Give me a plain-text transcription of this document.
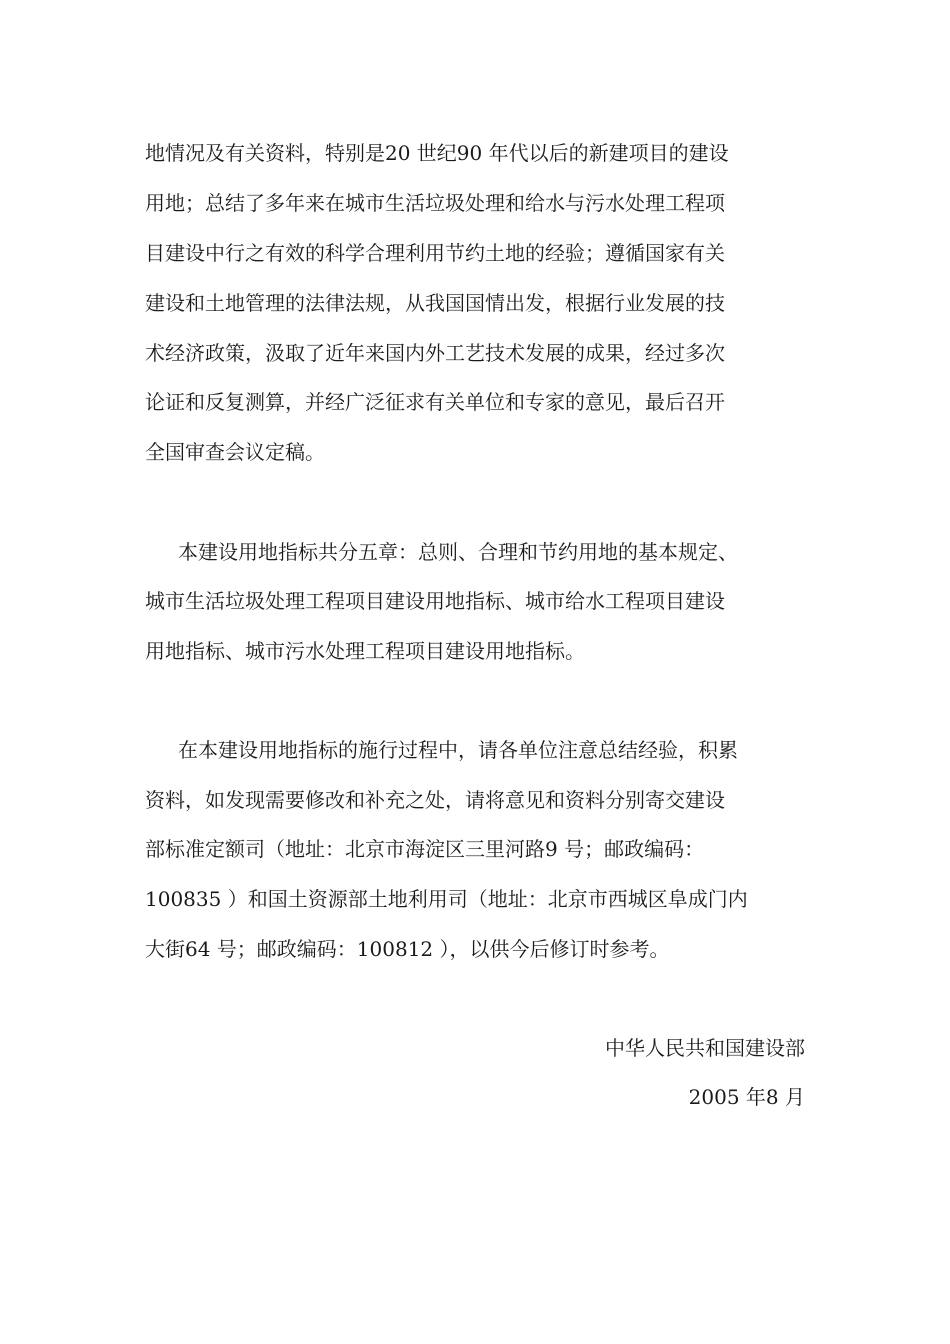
地情况及有关资料，特别是20 世纪90 年代以后的新建项目的建设
用地；总结了多年来在城市生活垃圾处理和给水与污水处理工程项
目建设中行之有效的科学合理利用节约土地的经验；遵循国家有关
建设和土地管理的法律法规，从我国国情出发，根据行业发展的技
术经济政策，汲取了近年来国内外工艺技术发展的成果，经过多次
论证和反复测算，并经广泛征求有关单位和专家的意见，最后召开
全国审查会议定稿。
本建设用地指标共分五章：总则、合理和节约用地的基本规定、
城市生活垃圾处理工程项目建设用地指标、城市给水工程项目建设
用地指标、城市污水处理工程项目建设用地指标。
在本建设用地指标的施行过程中，请各单位注意总结经验，积累
资料，如发现需要修改和补充之处，请将意见和资料分别寄交建设
部标准定额司（地址：北京市海淀区三里河路9 号；邮政编码：
100835 ）和国土资源部土地利用司（地址：北京市西城区阜成门内
大街64 号；邮政编码：100812 ），以供今后修订时参考。
中华人民共和国建设部
2005 年8 月
